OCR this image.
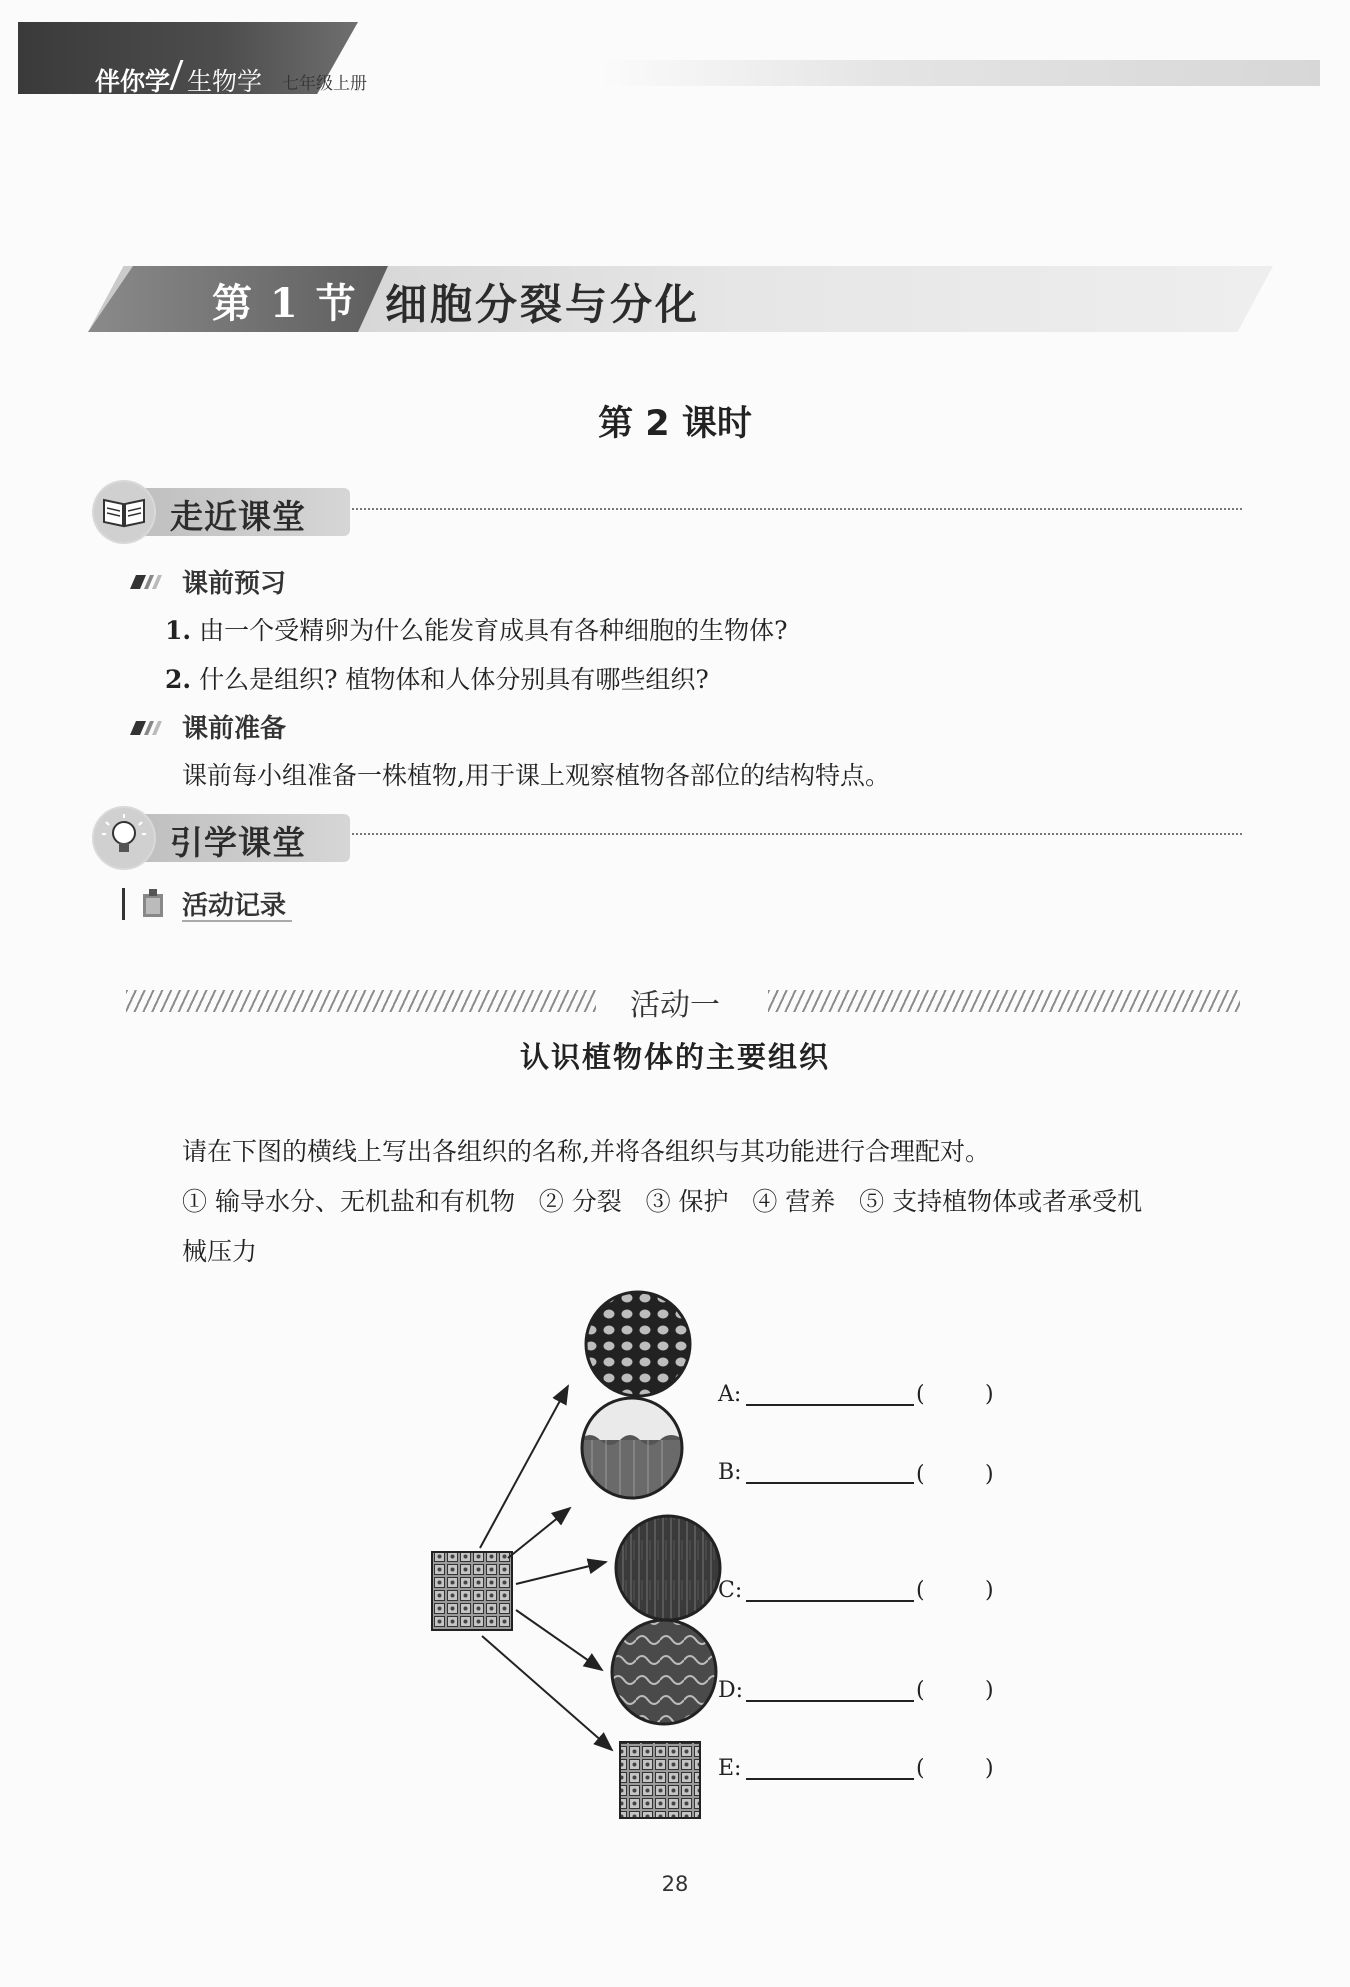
伴你学 生物学 七年级上册
第 1 节 细胞分裂与分化
第 2 课时
走近课堂
课前预习
1. 由一个受精卵为什么能发育成具有各种细胞的生物体?
2. 什么是组织? 植物体和人体分别具有哪些组织?
课前准备
课前每小组准备一株植物,用于课上观察植物各部位的结构特点。
引学课堂
活动记录
活动一
认识植物体的主要组织
请在下图的横线上写出各组织的名称,并将各组织与其功能进行合理配对。
① 输导水分、无机盐和有机物   ② 分裂   ③ 保护   ④ 营养   ⑤ 支持植物体或者承受机
械压力
A:	(	)
B:	(	)
C:	(	)
D:	(	)
E:	(	)
28
